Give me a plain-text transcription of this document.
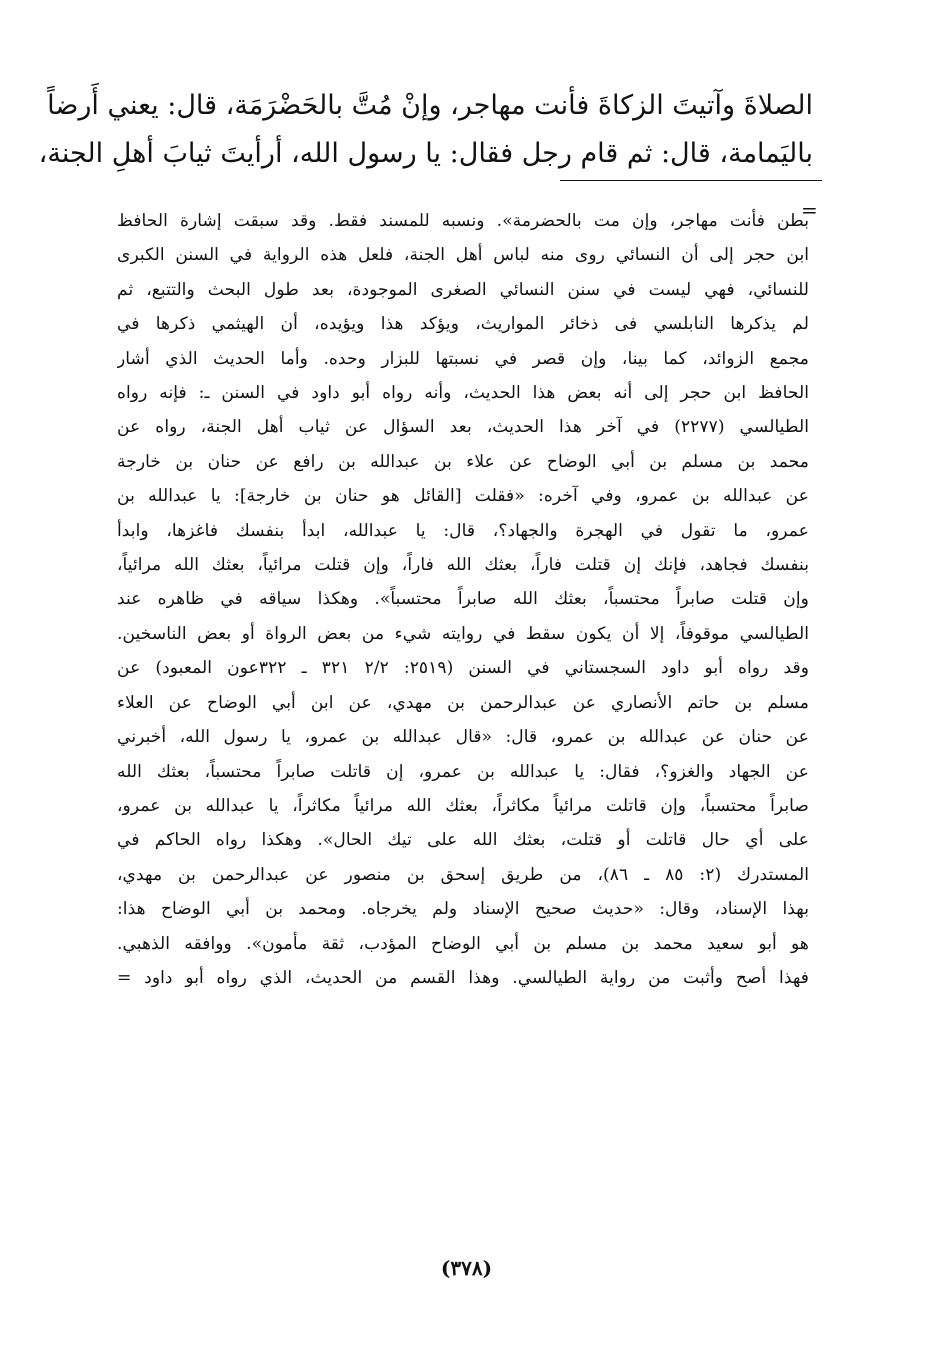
الصلاةَ وآتيتَ الزكاةَ فأنت مهاجر، وإنْ مُتَّ بالحَضْرَمَة، قال: يعني أَرضاً
باليَمامة، قال: ثم قام رجل فقال: يا رسول الله، أرأيتَ ثيابَ أهلِ الجنة،
=
بطن فأنت مهاجر، وإن مت بالحضرمة». ونسبه للمسند فقط. وقد سبقت إشارة الحافظ
ابن حجر إلى أن النسائي روى منه لباس أهل الجنة، فلعل هذه الرواية في السنن الكبرى
للنسائي، فهي ليست في سنن النسائي الصغرى الموجودة، بعد طول البحث والتتبع، ثم
لم يذكرها النابلسي فى ذخائر المواريث، ويؤكد هذا ويؤيده، أن الهيثمي ذكرها في
مجمع الزوائد، كما بينا، وإن قصر في نسبتها للبزار وحده. وأما الحديث الذي أشار
الحافظ ابن حجر إلى أنه بعض هذا الحديث، وأنه رواه أبو داود في السنن ـ: فإنه رواه
الطيالسي (٢٢٧٧) في آخر هذا الحديث، بعد السؤال عن ثياب أهل الجنة، رواه عن
محمد بن مسلم بن أبي الوضاح عن علاء بن عبدالله بن رافع عن حنان بن خارجة
عن عبدالله بن عمرو، وفي آخره: «فقلت [القائل هو حنان بن خارجة]: يا عبدالله بن
عمرو، ما تقول في الهجرة والجهاد؟، قال: يا عبدالله، ابدأ بنفسك فاغزها، وابدأ
بنفسك فجاهد، فإنك إن قتلت فاراً، بعثك الله فاراً، وإن قتلت مرائياً، بعثك الله مرائياً،
وإن قتلت صابراً محتسباً، بعثك الله صابراً محتسباً». وهكذا سياقه في ظاهره عند
الطيالسي موقوفاً، إلا أن يكون سقط في روايته شيء من بعض الرواة أو بعض الناسخين.
وقد رواه أبو داود السجستاني في السنن (٢٥١٩: ٢/٢ ٣٢١ ـ ٣٢٢عون المعبود) عن
مسلم بن حاتم الأنصاري عن عبدالرحمن بن مهدي، عن ابن أبي الوضاح عن العلاء
عن حنان عن عبدالله بن عمرو، قال: «قال عبدالله بن عمرو، يا رسول الله، أخبرني
عن الجهاد والغزو؟، فقال: يا عبدالله بن عمرو، إن قاتلت صابراً محتسباً، بعثك الله
صابراً محتسباً، وإن قاتلت مرائياً مكاثراً، بعثك الله مرائياً مكاثراً، يا عبدالله بن عمرو،
على أي حال قاتلت أو قتلت، بعثك الله على تيك الحال». وهكذا رواه الحاكم في
المستدرك (٢: ٨٥ ـ ٨٦)، من طريق إسحق بن منصور عن عبدالرحمن بن مهدي،
بهذا الإسناد، وقال: «حديث صحيح الإسناد ولم يخرجاه. ومحمد بن أبي الوضاح هذا:
هو أبو سعيد محمد بن مسلم بن أبي الوضاح المؤدب، ثقة مأمون». ووافقه الذهبي.
فهذا أصح وأثبت من رواية الطيالسي. وهذا القسم من الحديث، الذي رواه أبو داود =
(٣٧٨)
